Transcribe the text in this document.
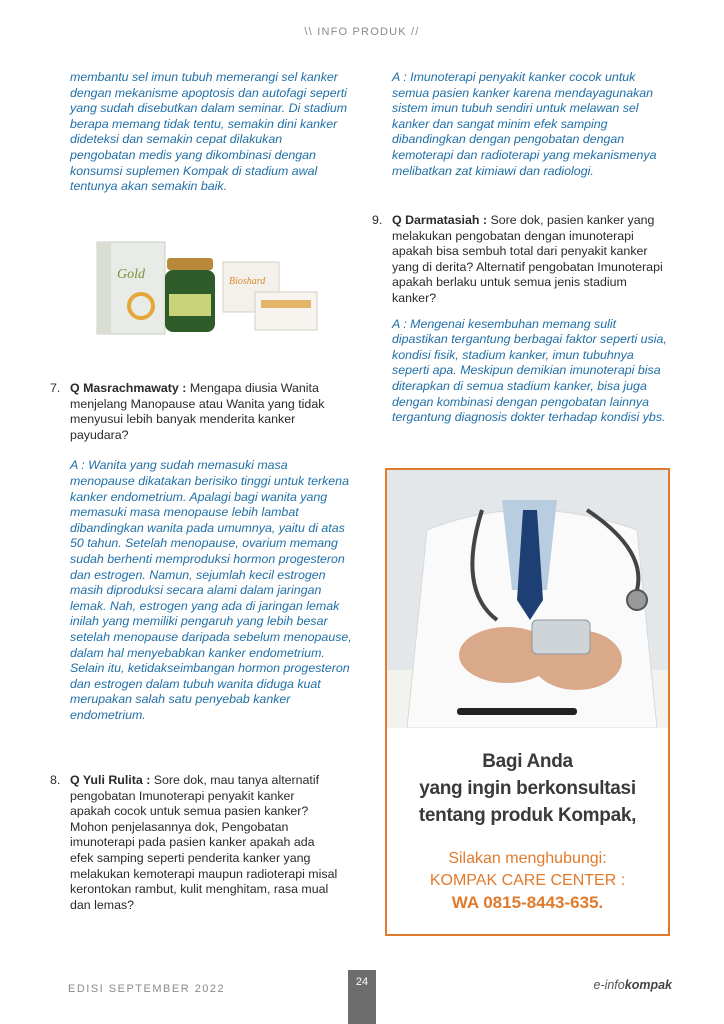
\\ INFO PRODUK //

membantu sel imun tubuh memerangi sel kanker dengan mekanisme apoptosis dan autofagi seperti yang sudah disebutkan dalam seminar. Di stadium berapa memang tidak tentu, semakin dini kanker dideteksi dan semakin cepat dilakukan pengobatan medis yang dikombinasi dengan konsumsi suplemen Kompak di stadium awal tentunya akan semakin baik.

Gold	Bioshard

7. Q Masrachmawaty : Mengapa diusia Wanita menjelang Manopause atau Wanita yang tidak menyusui lebih banyak menderita kanker payudara?

A : Wanita yang sudah memasuki masa menopause dikatakan berisiko tinggi untuk terkena kanker endometrium. Apalagi bagi wanita yang memasuki masa menopause lebih lambat dibandingkan wanita pada umumnya, yaitu di atas 50 tahun. Setelah menopause, ovarium memang sudah berhenti memproduksi hormon progesteron dan estrogen. Namun, sejumlah kecil estrogen masih diproduksi secara alami dalam jaringan lemak. Nah, estrogen yang ada di jaringan lemak inilah yang memiliki pengaruh yang lebih besar setelah menopause daripada sebelum menopause, dalam hal menyebabkan kanker endometrium. Selain itu, ketidakseimbangan hormon progesteron dan estrogen dalam tubuh wanita diduga kuat merupakan salah satu penyebab kanker endometrium.

8. Q Yuli Rulita : Sore dok, mau tanya alternatif pengobatan Imunoterapi penyakit kanker apakah cocok untuk semua pasien kanker? Mohon penjelasannya dok, Pengobatan imunoterapi pada pasien kanker apakah ada efek samping seperti penderita kanker yang melakukan kemoterapi maupun radioterapi misal kerontokan rambut, kulit menghitam, rasa mual dan lemas?

A : Imunoterapi penyakit kanker cocok untuk semua pasien kanker karena mendayagunakan sistem imun tubuh sendiri untuk melawan sel kanker dan sangat minim efek samping dibandingkan dengan pengobatan dengan kemoterapi dan radioterapi yang mekanismenya melibatkan zat kimiawi dan radiologi.

9. Q Darmatasiah : Sore dok, pasien kanker yang melakukan pengobatan dengan imunoterapi apakah bisa sembuh total dari penyakit kanker yang di derita? Alternatif pengobatan Imunoterapi apakah berlaku untuk semua jenis stadium kanker?

A : Mengenai kesembuhan memang sulit dipastikan tergantung berbagai faktor seperti usia, kondisi fisik, stadium kanker, imun tubuhnya seperti apa. Meskipun demikian imunoterapi bisa diterapkan di semua stadium kanker, bisa juga dengan kombinasi dengan pengobatan lainnya tergantung diagnosis dokter terhadap kondisi ybs.

Bagi Anda
yang ingin berkonsultasi
tentang produk Kompak,
Silakan menghubungi:
KOMPAK CARE CENTER :
WA 0815-8443-635.
EDISI SEPTEMBER 2022
24	e-infokompak
